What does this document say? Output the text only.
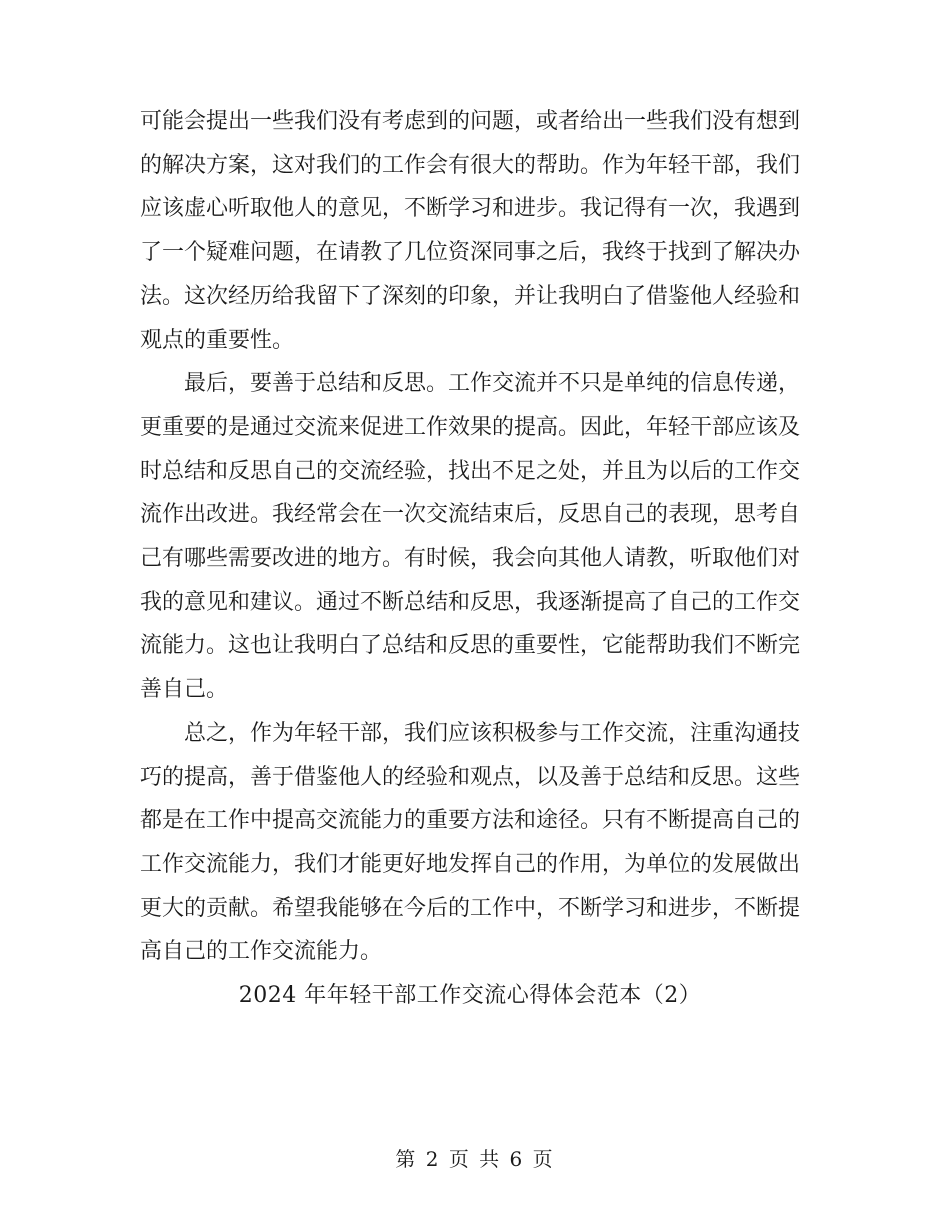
可能会提出一些我们没有考虑到的问题，或者给出一些我们没有想到的解决方案，这对我们的工作会有很大的帮助。作为年轻干部，我们应该虚心听取他人的意见，不断学习和进步。我记得有一次，我遇到了一个疑难问题，在请教了几位资深同事之后，我终于找到了解决办法。这次经历给我留下了深刻的印象，并让我明白了借鉴他人经验和观点的重要性。

最后，要善于总结和反思。工作交流并不只是单纯的信息传递，更重要的是通过交流来促进工作效果的提高。因此，年轻干部应该及时总结和反思自己的交流经验，找出不足之处，并且为以后的工作交流作出改进。我经常会在一次交流结束后，反思自己的表现，思考自己有哪些需要改进的地方。有时候，我会向其他人请教，听取他们对我的意见和建议。通过不断总结和反思，我逐渐提高了自己的工作交流能力。这也让我明白了总结和反思的重要性，它能帮助我们不断完善自己。

总之，作为年轻干部，我们应该积极参与工作交流，注重沟通技巧的提高，善于借鉴他人的经验和观点，以及善于总结和反思。这些都是在工作中提高交流能力的重要方法和途径。只有不断提高自己的工作交流能力，我们才能更好地发挥自己的作用，为单位的发展做出更大的贡献。希望我能够在今后的工作中，不断学习和进步，不断提高自己的工作交流能力。

2024 年年轻干部工作交流心得体会范本（2）

第 2 页 共 6 页
